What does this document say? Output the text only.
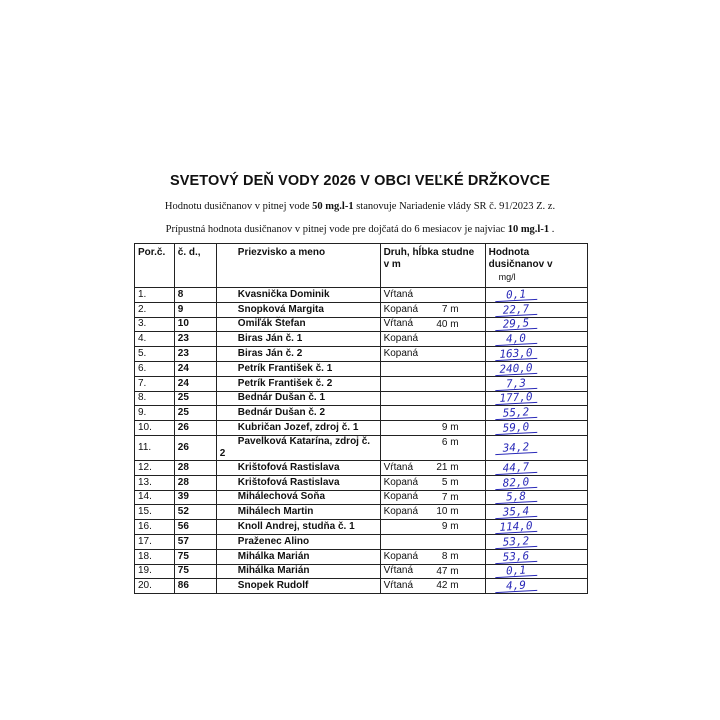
SVETOVÝ DEŇ VODY 2026 V OBCI VEĽKÉ DRŽKOVCE
Hodnotu dusičnanov v pitnej vode 50 mg.l-1 stanovuje Nariadenie vlády SR č. 91/2023 Z. z.
Prípustná hodnota dusičnanov v pitnej vode pre dojčatá do 6 mesiacov je najviac 10 mg.l-1 .
Por.č.	č. d.,	Priezvisko a meno	Druh, hĺbka studne v m	Hodnota dusičnanov v
mg/l

1.	8	Kvasnička Dominik	Vŕtaná	0,1

2.	9	Snopková Margita	Kopaná 7 m	22,7

3.	10	Omiľák Štefan	Vŕtaná 40 m	29,5

4.	23	Biras Ján č. 1	Kopaná	4,0

5.	23	Biras Ján č. 2	Kopaná	163,0

6.	24	Petrík František č. 1		240,0

7.	24	Petrík František č. 2		7,3

8.	25	Bednár Dušan č. 1		177,0

9.	25	Bednár Dušan č. 2		55,2

10.	26	Kubričan Jozef, zdroj č. 1	9 m	59,0

11.	26	Pavelková Katarína, zdroj č. 2	6 m	34,2

12.	28	Krištofová Rastislava	Vŕtaná 21 m	44,7

13.	28	Krištofová Rastislava	Kopaná 5 m	82,0

14.	39	Mihálechová Soňa	Kopaná 7 m	5,8

15.	52	Mihálech Martin	Kopaná 10 m	35,4

16.	56	Knoll Andrej, studňa č. 1	9 m	114,0

17.	57	Praženec Alino		53,2

18.	75	Mihálka Marián	Kopaná 8 m	53,6

19.	75	Mihálka Marián	Vŕtaná 47 m	0,1

20.	86	Snopek Rudolf	Vŕtaná 42 m	4,9
